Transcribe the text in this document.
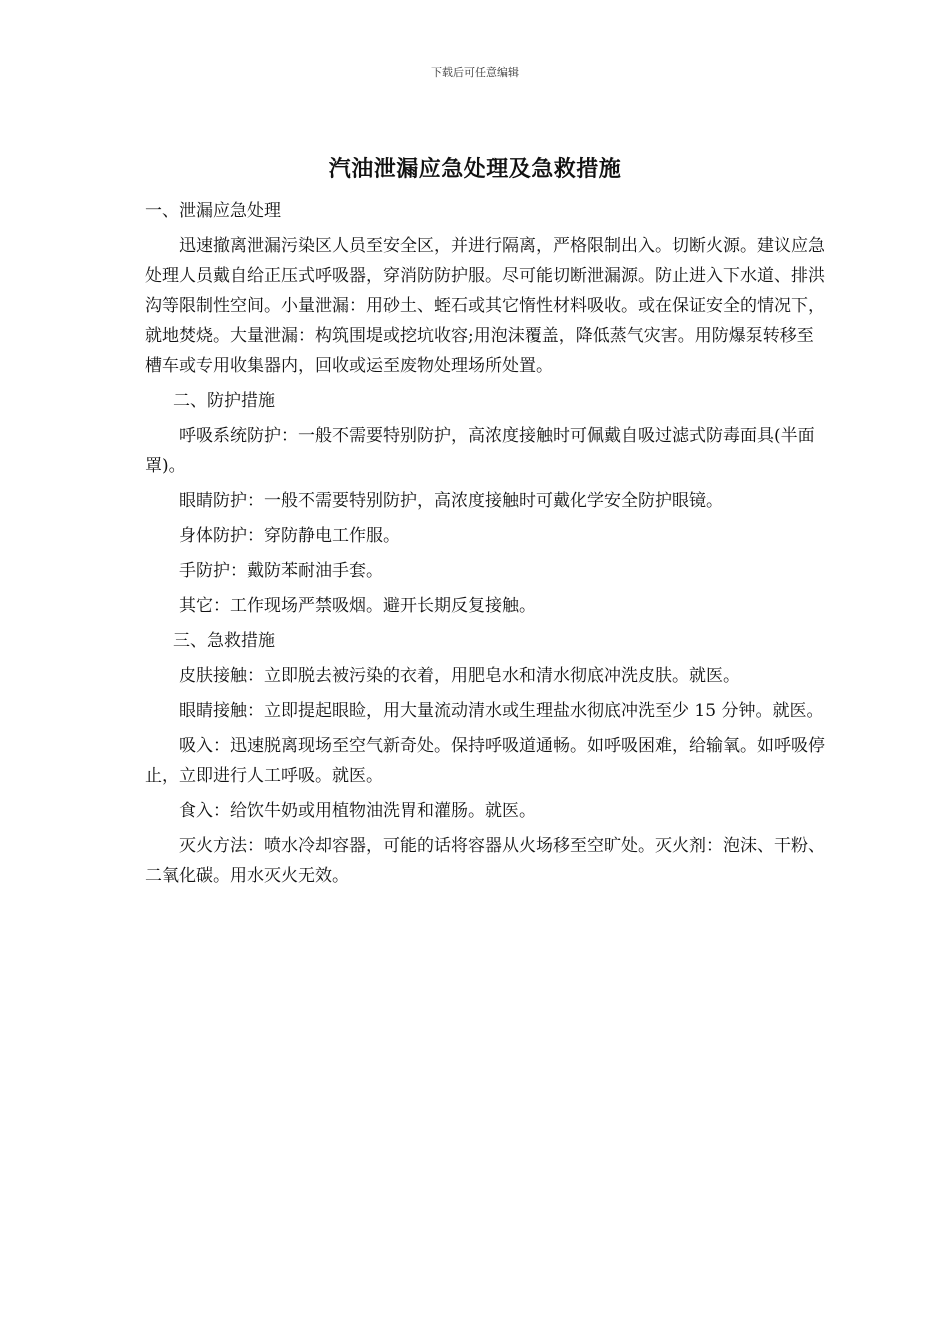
下载后可任意编辑
汽油泄漏应急处理及急救措施

一、泄漏应急处理

迅速撤离泄漏污染区人员至安全区，并进行隔离，严格限制出入。切断火源。建议应急处理人员戴自给正压式呼吸器，穿消防防护服。尽可能切断泄漏源。防止进入下水道、排洪沟等限制性空间。小量泄漏：用砂土、蛭石或其它惰性材料吸收。或在保证安全的情况下，就地焚烧。大量泄漏：构筑围堤或挖坑收容;用泡沫覆盖，降低蒸气灾害。用防爆泵转移至槽车或专用收集器内，回收或运至废物处理场所处置。

二、防护措施

呼吸系统防护：一般不需要特别防护，高浓度接触时可佩戴自吸过滤式防毒面具(半面罩)。

眼睛防护：一般不需要特别防护，高浓度接触时可戴化学安全防护眼镜。

身体防护：穿防静电工作服。

手防护：戴防苯耐油手套。

其它：工作现场严禁吸烟。避开长期反复接触。

三、急救措施

皮肤接触：立即脱去被污染的衣着，用肥皂水和清水彻底冲洗皮肤。就医。

眼睛接触：立即提起眼睑，用大量流动清水或生理盐水彻底冲洗至少 15 分钟。就医。

吸入：迅速脱离现场至空气新奇处。保持呼吸道通畅。如呼吸困难，给输氧。如呼吸停止，立即进行人工呼吸。就医。

食入：给饮牛奶或用植物油洗胃和灌肠。就医。

灭火方法：喷水冷却容器，可能的话将容器从火场移至空旷处。灭火剂：泡沫、干粉、二氧化碳。用水灭火无效。
